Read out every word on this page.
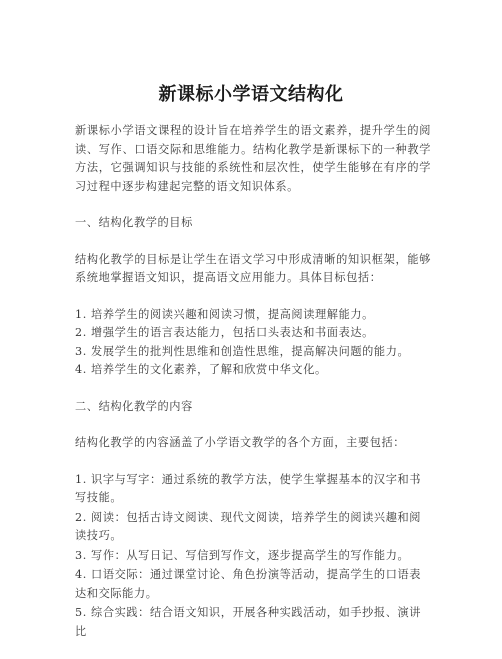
新课标小学语文结构化

新课标小学语文课程的设计旨在培养学生的语文素养，提升学生的阅读、写作、口语交际和思维能力。结构化教学是新课标下的一种教学方法，它强调知识与技能的系统性和层次性，使学生能够在有序的学习过程中逐步构建起完整的语文知识体系。

一、结构化教学的目标

结构化教学的目标是让学生在语文学习中形成清晰的知识框架，能够系统地掌握语文知识，提高语文应用能力。具体目标包括：

1. 培养学生的阅读兴趣和阅读习惯，提高阅读理解能力。
2. 增强学生的语言表达能力，包括口头表达和书面表达。
3. 发展学生的批判性思维和创造性思维，提高解决问题的能力。
4. 培养学生的文化素养，了解和欣赏中华文化。

二、结构化教学的内容

结构化教学的内容涵盖了小学语文教学的各个方面，主要包括：

1. 识字与写字：通过系统的教学方法，使学生掌握基本的汉字和书写技能。
2. 阅读：包括古诗文阅读、现代文阅读，培养学生的阅读兴趣和阅读技巧。
3. 写作：从写日记、写信到写作文，逐步提高学生的写作能力。
4. 口语交际：通过课堂讨论、角色扮演等活动，提高学生的口语表达和交际能力。
5. 综合实践：结合语文知识，开展各种实践活动，如手抄报、演讲比
